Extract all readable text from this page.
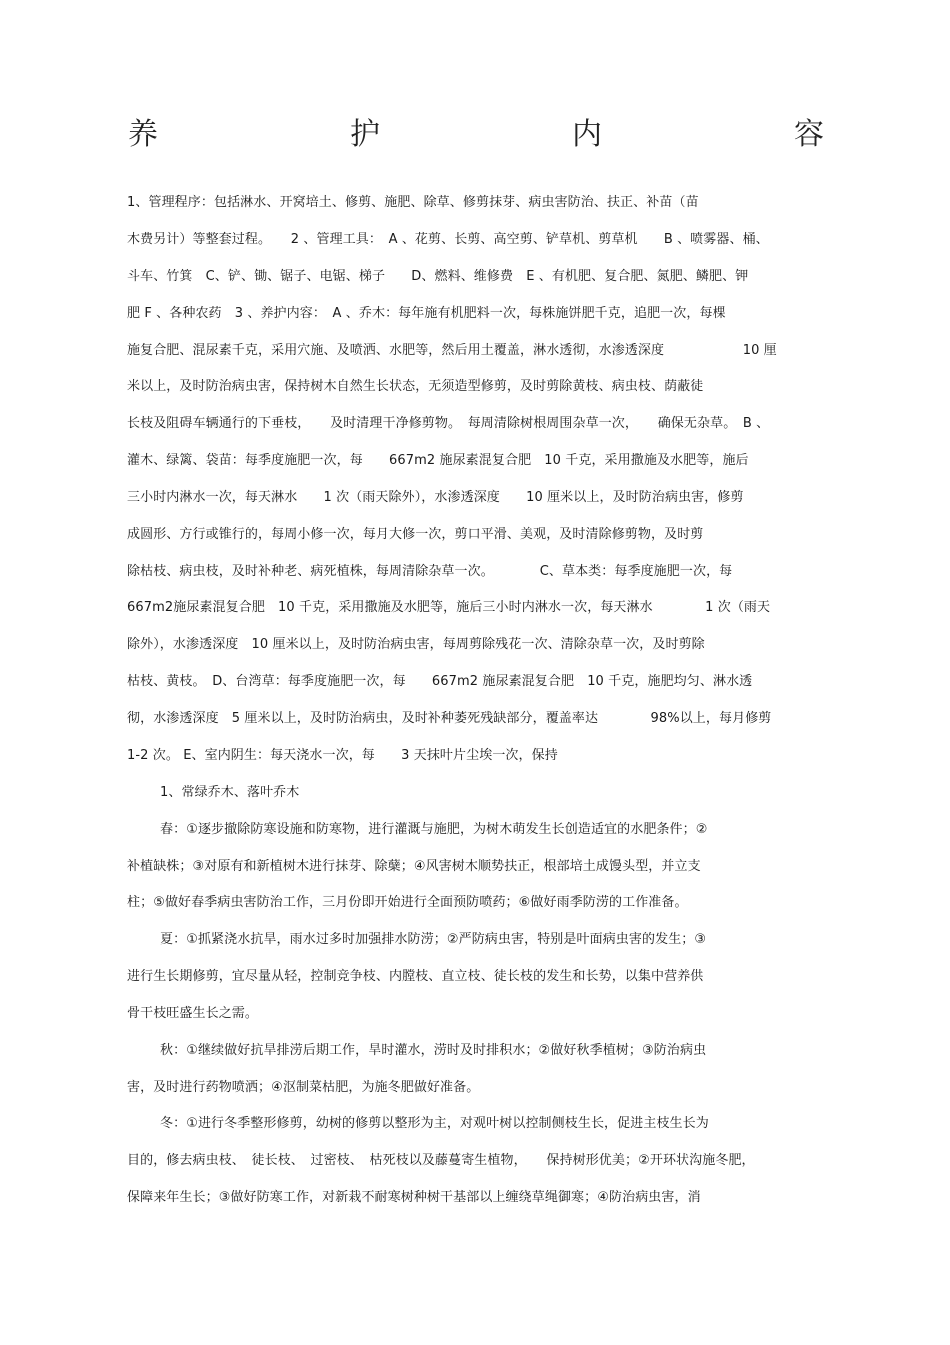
养	护	内	容
1、管理程序：包括淋水、开窝培土、修剪、施肥、除草、修剪抹芽、病虫害防治、扶正、补苗（苗
木费另计）等整套过程。　　2 、管理工具：　A 、花剪、长剪、高空剪、铲草机、剪草机　　B 、喷雾器、桶、
斗车、竹箕　C、铲、锄、锯子、电锯、梯子　　D、燃料、维修费　E 、有机肥、复合肥、氮肥、鳞肥、钾
肥 F 、各种农药　3 、养护内容：　A 、乔木：每年施有机肥料一次，每株施饼肥千克，追肥一次，每棵
施复合肥、混尿素千克，采用穴施、及喷洒、水肥等，然后用土覆盖，淋水透彻，水渗透深度　　　　　　10 厘
米以上，及时防治病虫害，保持树木自然生长状态，无须造型修剪，及时剪除黄枝、病虫枝、荫蔽徒
长枝及阻碍车辆通行的下垂枝，　　及时清理干净修剪物。　每周清除树根周围杂草一次，　　确保无杂草。　B 、
灌木、绿篱、袋苗：每季度施肥一次，每　　667m2 施尿素混复合肥　10 千克，采用撒施及水肥等，施后
三小时内淋水一次，每天淋水　　1 次（雨天除外），水渗透深度　　10 厘米以上，及时防治病虫害，修剪
成圆形、方行或锥行的，每周小修一次，每月大修一次，剪口平滑、美观，及时清除修剪物，及时剪
除枯枝、病虫枝，及时补种老、病死植株，每周清除杂草一次。　　　　C、草本类：每季度施肥一次，每
667m2施尿素混复合肥　10 千克，采用撒施及水肥等，施后三小时内淋水一次，每天淋水　　　　1 次（雨天
除外），水渗透深度　10 厘米以上，及时防治病虫害，每周剪除残花一次、清除杂草一次，及时剪除
枯枝、黄枝。　D、台湾草：每季度施肥一次，每　　667m2 施尿素混复合肥　10 千克，施肥均匀、淋水透
彻，水渗透深度　5 厘米以上，及时防治病虫，及时补种萎死残缺部分，覆盖率达　　　　98%以上，每月修剪
1-2 次。 E、室内阴生：每天浇水一次，每　　3 天抹叶片尘埃一次，保持
1、常绿乔木、落叶乔木
春：①逐步撤除防寒设施和防寒物，进行灌溉与施肥，为树木萌发生长创造适宜的水肥条件；②
补植缺株；③对原有和新植树木进行抹芽、除蘖；④风害树木顺势扶正，根部培土成馒头型，并立支
柱；⑤做好春季病虫害防治工作，三月份即开始进行全面预防喷药；⑥做好雨季防涝的工作准备。
夏：①抓紧浇水抗旱，雨水过多时加强排水防涝；②严防病虫害，特别是叶面病虫害的发生；③
进行生长期修剪，宜尽量从轻，控制竞争枝、内膛枝、直立枝、徒长枝的发生和长势，以集中营养供
骨干枝旺盛生长之需。
秋：①继续做好抗旱排涝后期工作，旱时灌水，涝时及时排积水；②做好秋季植树；③防治病虫
害，及时进行药物喷洒；④沤制菜枯肥，为施冬肥做好准备。
冬：①进行冬季整形修剪，幼树的修剪以整形为主，对观叶树以控制侧枝生长，促进主枝生长为
目的，修去病虫枝、　徒长枝、　过密枝、　枯死枝以及藤蔓寄生植物，　　保持树形优美；②开环状沟施冬肥，
保障来年生长；③做好防寒工作，对新栽不耐寒树种树干基部以上缠绕草绳御寒；④防治病虫害，消
